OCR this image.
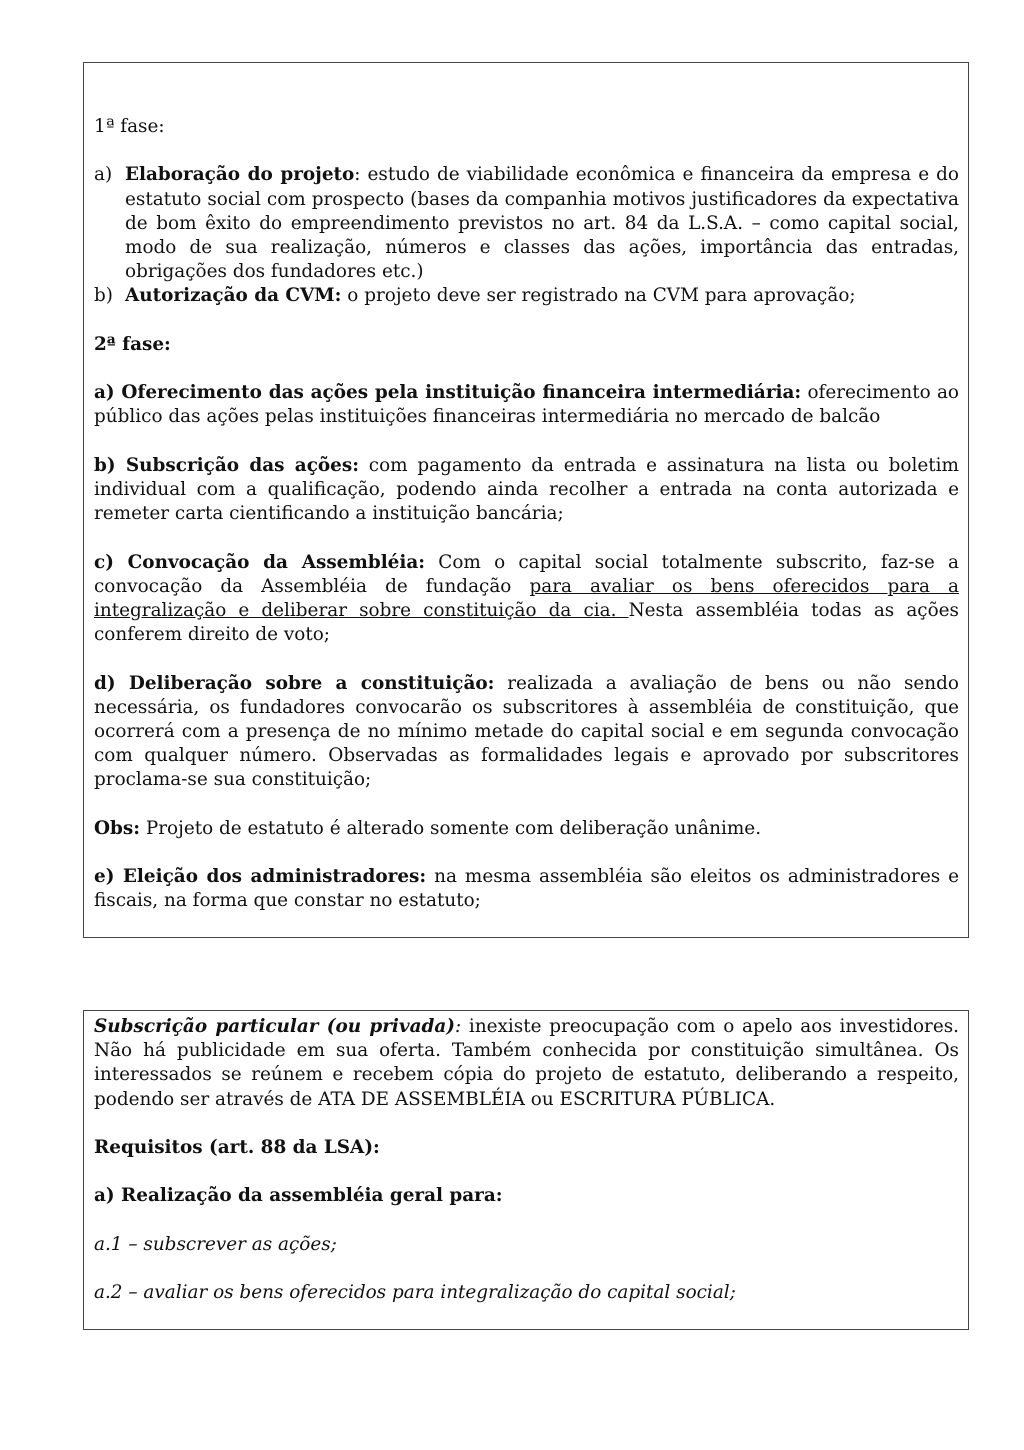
1ª fase:

a) Elaboração do projeto: estudo de viabilidade econômica e financeira da empresa e do estatuto social com prospecto (bases da companhia motivos justificadores da expectativa de bom êxito do empreendimento previstos no art. 84 da L.S.A. – como capital social, modo de sua realização, números e classes das ações, importância das entradas, obrigações dos fundadores etc.)
b) Autorização da CVM: o projeto deve ser registrado na CVM para aprovação;

2ª fase:

a) Oferecimento das ações pela instituição financeira intermediária: oferecimento ao público das ações pelas instituições financeiras intermediária no mercado de balcão

b) Subscrição das ações: com pagamento da entrada e assinatura na lista ou boletim individual com a qualificação, podendo ainda recolher a entrada na conta autorizada e remeter carta cientificando a instituição bancária;

c) Convocação da Assembléia: Com o capital social totalmente subscrito, faz-se a convocação da Assembléia de fundação para avaliar os bens oferecidos para a integralização e deliberar sobre constituição da cia. Nesta assembléia todas as ações conferem direito de voto;

d) Deliberação sobre a constituição: realizada a avaliação de bens ou não sendo necessária, os fundadores convocarão os subscritores à assembléia de constituição, que ocorrerá com a presença de no mínimo metade do capital social e em segunda convocação com qualquer número. Observadas as formalidades legais e aprovado por subscritores proclama-se sua constituição;

Obs: Projeto de estatuto é alterado somente com deliberação unânime.

e) Eleição dos administradores: na mesma assembléia são eleitos os administradores e fiscais, na forma que constar no estatuto;

Subscrição particular (ou privada): inexiste preocupação com o apelo aos investidores. Não há publicidade em sua oferta. Também conhecida por constituição simultânea. Os interessados se reúnem e recebem cópia do projeto de estatuto, deliberando a respeito, podendo ser através de ATA DE ASSEMBLÉIA ou ESCRITURA PÚBLICA.

Requisitos (art. 88 da LSA):

a) Realização da assembléia geral para:

a.1 – subscrever as ações;

a.2 – avaliar os bens oferecidos para integralização do capital social;
